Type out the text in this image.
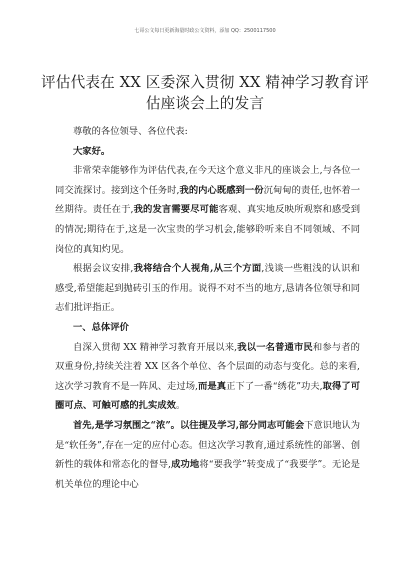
七哥公文每日更新海量时政公文资料，添加 QQ：2500117500
评估代表在 XX 区委深入贯彻 XX 精神学习教育评估座谈会上的发言

尊敬的各位领导、各位代表:

大家好。

非常荣幸能够作为评估代表,在今天这个意义非凡的座谈会上,与各位一同交流探讨。接到这个任务时,我的内心既感到一份沉甸甸的责任,也怀着一丝期待。责任在于,我的发言需要尽可能客观、真实地反映所观察和感受到的情况;期待在于,这是一次宝贵的学习机会,能够聆听来自不同领域、不同岗位的真知灼见。

根据会议安排,我将结合个人视角,从三个方面,浅谈一些粗浅的认识和感受,希望能起到抛砖引玉的作用。说得不对不当的地方,恳请各位领导和同志们批评指正。

一、总体评价

自深入贯彻 XX 精神学习教育开展以来,我以一名普通市民和参与者的双重身份,持续关注着 XX 区各个单位、各个层面的动态与变化。总的来看,这次学习教育不是一阵风、走过场,而是真正下了一番“绣花”功夫,取得了可圈可点、可触可感的扎实成效。

首先,是学习氛围之“浓”。以往提及学习,部分同志可能会下意识地认为是“软任务”,存在一定的应付心态。但这次学习教育,通过系统性的部署、创新性的载体和常态化的督导,成功地将“要我学”转变成了“我要学”。无论是机关单位的理论中心
